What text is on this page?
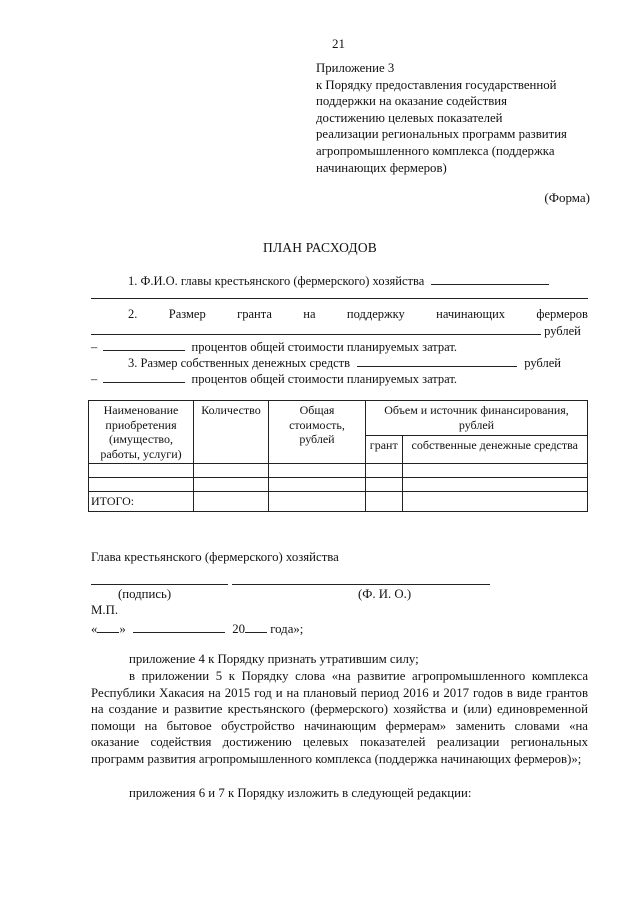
21
Приложение 3
к Порядку предоставления государственной
поддержки на оказание содействия
достижению целевых показателей
реализации региональных программ развития
агропромышленного комплекса (поддержка
начинающих фермеров)
(Форма)
ПЛАН РАСХОДОВ
1. Ф.И.О. главы крестьянского (фермерского) хозяйства
2.	Размер	гранта	на	поддержку	начинающих	фермеров
рублей
–	процентов общей стоимости планируемых затрат.
3. Размер собственных денежных средств	рублей
–	процентов общей стоимости планируемых затрат.
Наименование приобретения (имущество, работы, услуги)	Количество	Общая стоимость, рублей	Объем и источник финансирования, рублей	
			грант	собственные денежные средства

ИТОГО:				
Глава крестьянского (фермерского) хозяйства
(подпись)	(Ф. И. О.)
М.П.
« »	20 года»;
приложение 4 к Порядку признать утратившим силу;
в приложении 5 к Порядку слова «на развитие агропромышленного комплекса Республики Хакасия на 2015 год и на плановый период 2016 и 2017 годов в виде грантов на создание и развитие крестьянского (фермерского) хозяйства и (или) единовременной помощи на бытовое обустройство начинающим фермерам» заменить словами «на оказание содействия достижению целевых показателей реализации региональных программ развития агропромышленного комплекса (поддержка начинающих фермеров)»;
приложения 6 и 7 к Порядку изложить в следующей редакции:
